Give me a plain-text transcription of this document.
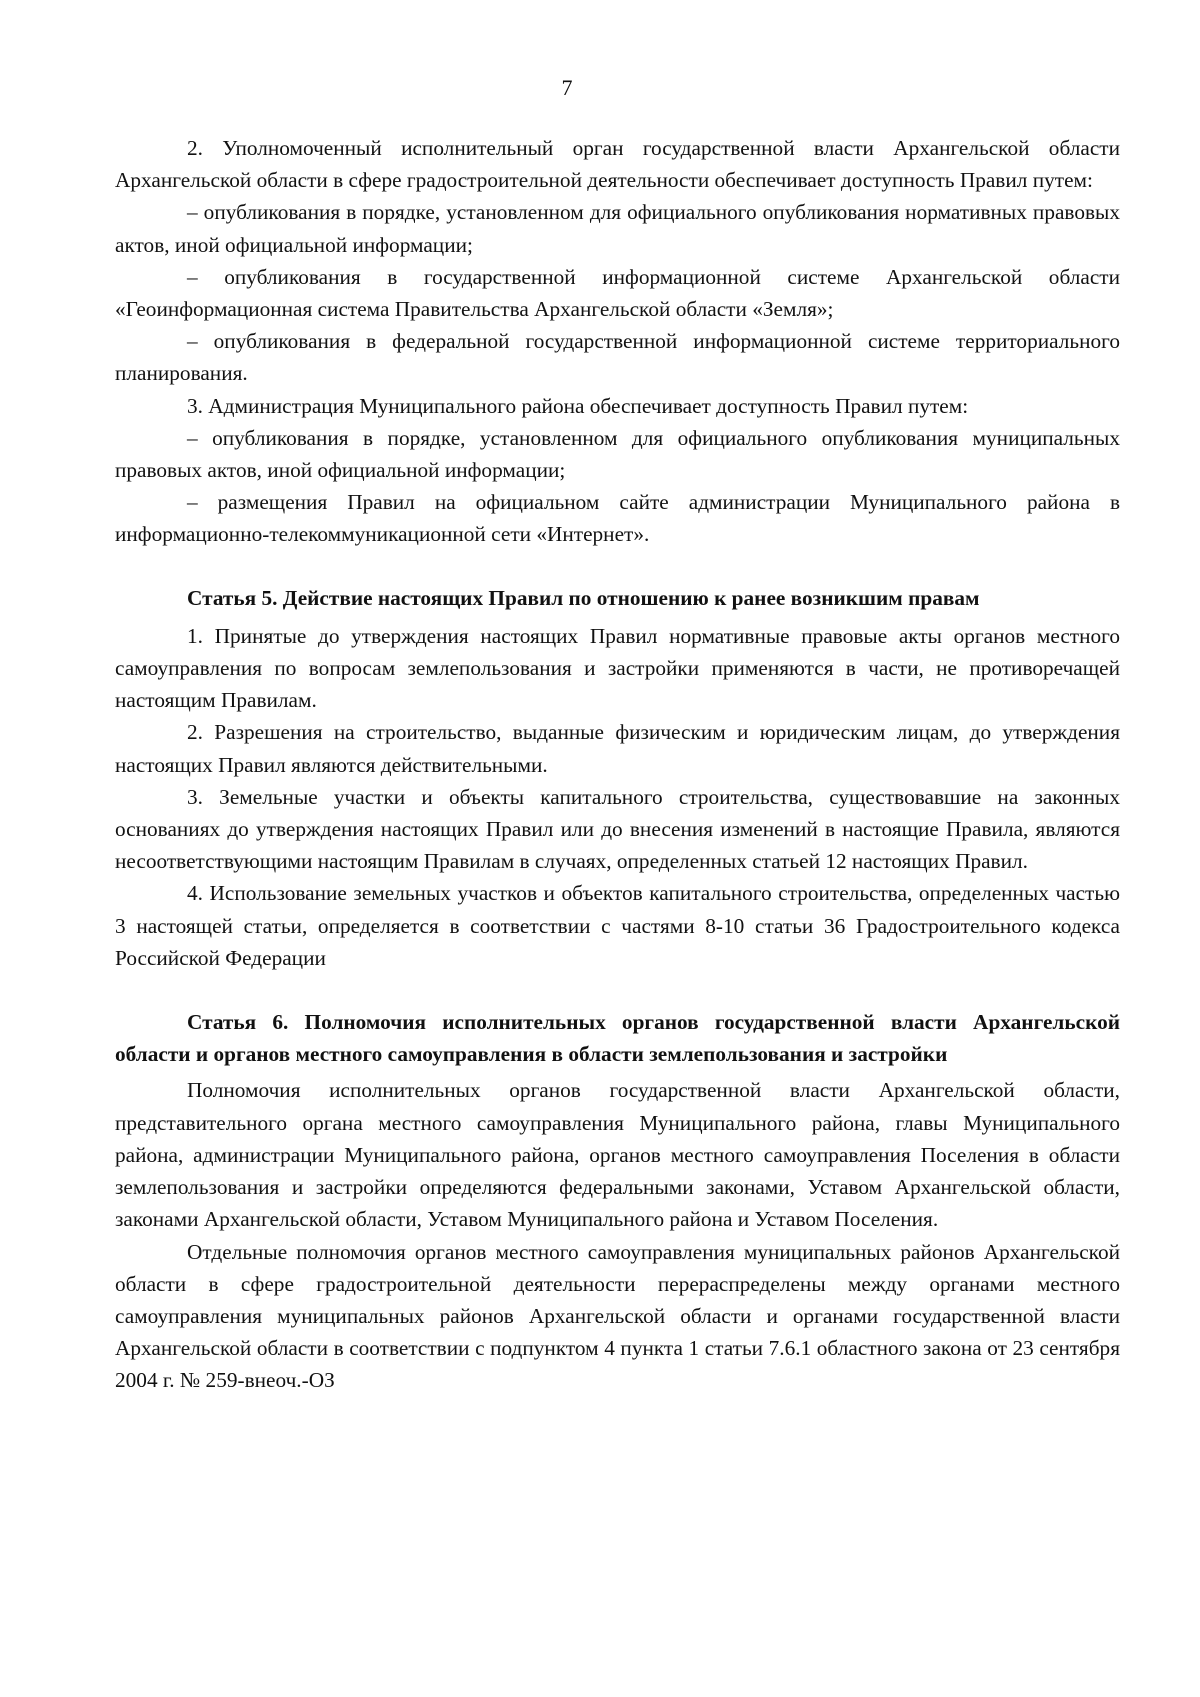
7

2. Уполномоченный исполнительный орган государственной власти Архангельской области Архангельской области в сфере градостроительной деятельности обеспечивает доступность Правил путем:

– опубликования в порядке, установленном для официального опубликования нормативных правовых актов, иной официальной информации;

– опубликования в государственной информационной системе Архангельской области «Геоинформационная система Правительства Архангельской области «Земля»;

– опубликования в федеральной государственной информационной системе территориального планирования.

3. Администрация Муниципального района обеспечивает доступность Правил путем:

– опубликования в порядке, установленном для официального опубликования муниципальных правовых актов, иной официальной информации;

– размещения Правил на официальном сайте администрации Муниципального района в информационно-телекоммуникационной сети «Интернет».

Статья 5. Действие настоящих Правил по отношению к ранее возникшим правам

1. Принятые до утверждения настоящих Правил нормативные правовые акты органов местного самоуправления по вопросам землепользования и застройки применяются в части, не противоречащей настоящим Правилам.

2. Разрешения на строительство, выданные физическим и юридическим лицам, до утверждения настоящих Правил являются действительными.

3. Земельные участки и объекты капитального строительства, существовавшие на законных основаниях до утверждения настоящих Правил или до внесения изменений в настоящие Правила, являются несоответствующими настоящим Правилам в случаях, определенных статьей 12 настоящих Правил.

4. Использование земельных участков и объектов капитального строительства, определенных частью 3 настоящей статьи, определяется в соответствии с частями 8-10 статьи 36 Градостроительного кодекса Российской Федерации

Статья 6. Полномочия исполнительных органов государственной власти Архангельской области и органов местного самоуправления в области землепользования и застройки

Полномочия исполнительных органов государственной власти Архангельской области, представительного органа местного самоуправления Муниципального района, главы Муниципального района, администрации Муниципального района, органов местного самоуправления Поселения в области землепользования и застройки определяются федеральными законами, Уставом Архангельской области, законами Архангельской области, Уставом Муниципального района и Уставом Поселения.

Отдельные полномочия органов местного самоуправления муниципальных районов Архангельской области в сфере градостроительной деятельности перераспределены между органами местного самоуправления муниципальных районов Архангельской области и органами государственной власти Архангельской области в соответствии с подпунктом 4 пункта 1 статьи 7.6.1 областного закона от 23 сентября 2004 г. № 259-внеоч.-ОЗ
